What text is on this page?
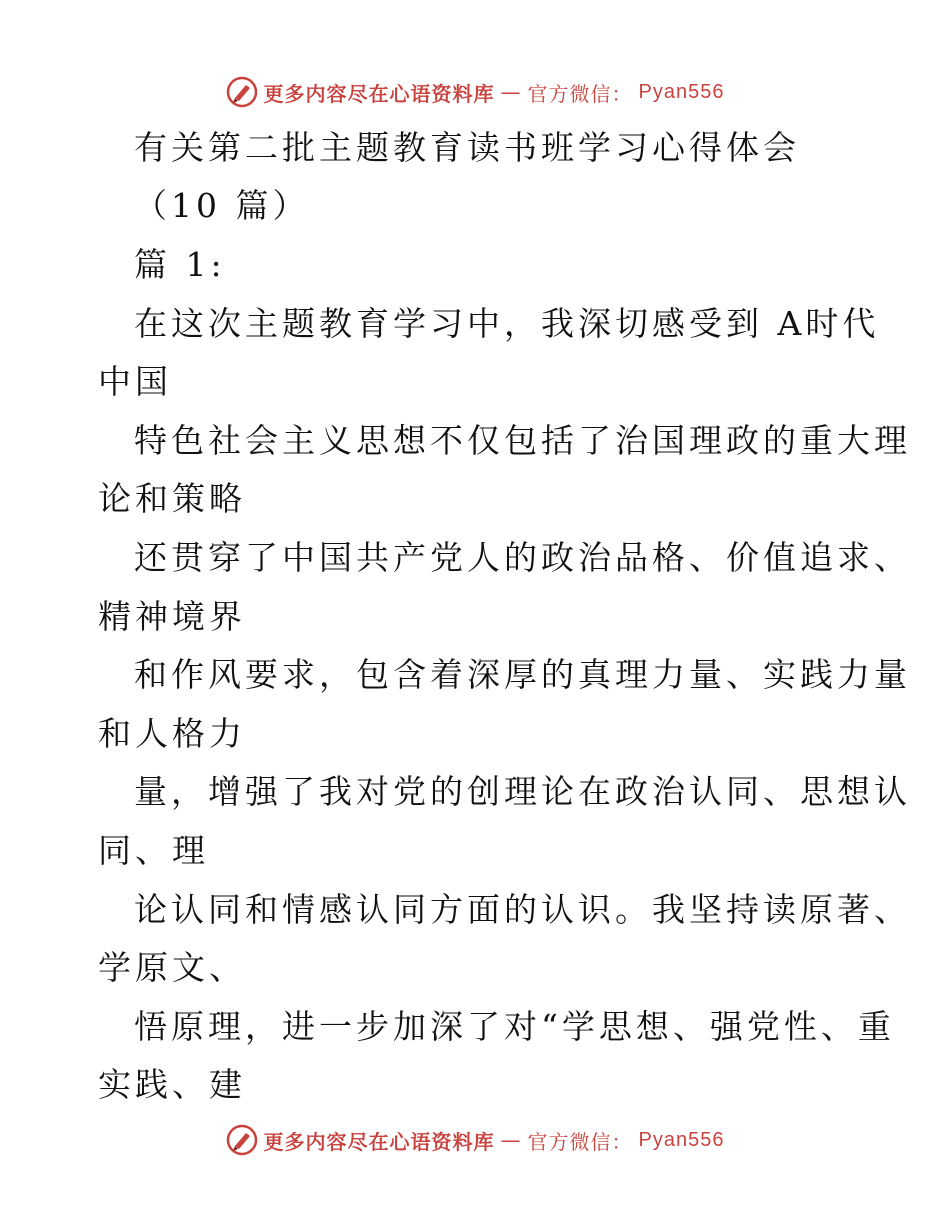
更多内容尽在心语资料库 — 官方微信： Pyan556
有关第二批主题教育读书班学习心得体会
（10 篇）
篇 1:
在这次主题教育学习中，我深切感受到 A时代
中国
特色社会主义思想不仅包括了治国理政的重大理
论和策略
还贯穿了中国共产党人的政治品格、价值追求、
精神境界
和作风要求，包含着深厚的真理力量、实践力量
和人格力
量，增强了我对党的创理论在政治认同、思想认
同、理
论认同和情感认同方面的认识。我坚持读原著、
学原文、
悟原理，进一步加深了对“学思想、强党性、重
实践、建
更多内容尽在心语资料库 — 官方微信： Pyan556
